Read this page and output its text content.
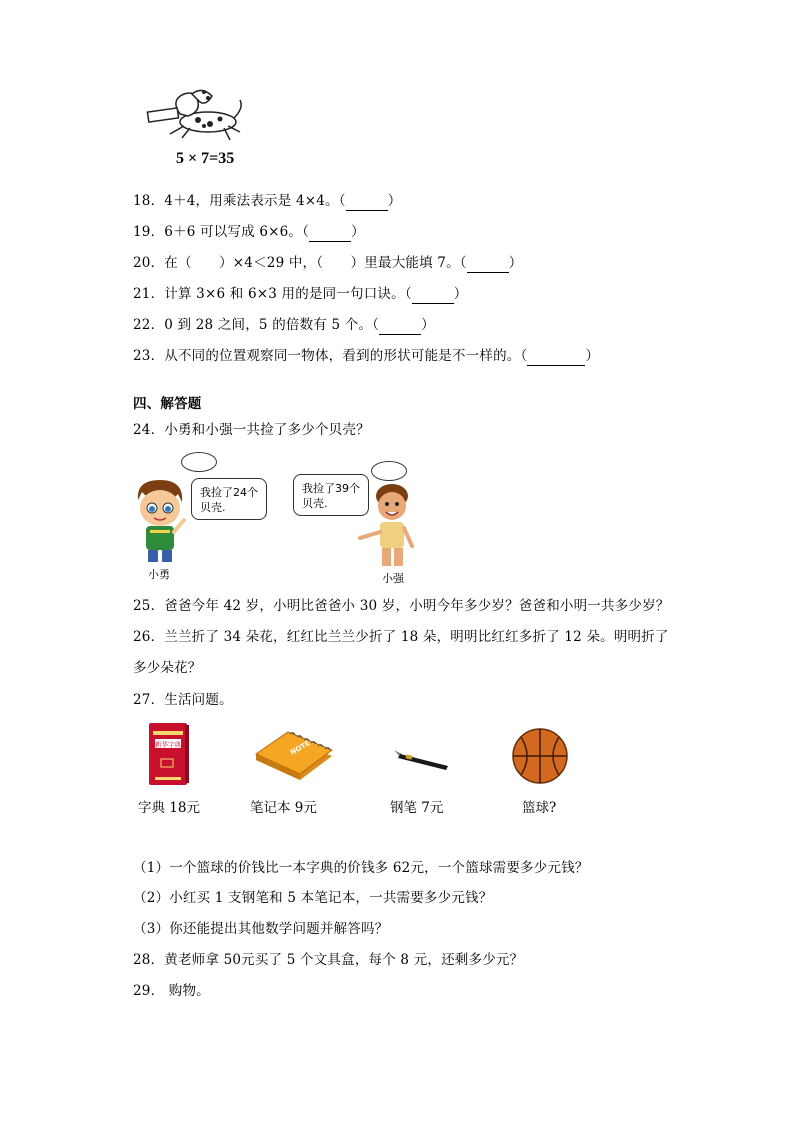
5 × 7=35
18．4＋4，用乘法表示是 4×4。（	）
19．6＋6 可以写成 6×6。（	）
20．在（　　）×4＜29 中，（　　）里最大能填 7。（	）
21．计算 3×6 和 6×3 用的是同一句口诀。（	）
22．0 到 28 之间，5 的倍数有 5 个。（	）
23．从不同的位置观察同一物体，看到的形状可能是不一样的。（	）
四、解答题
24．小勇和小强一共捡了多少个贝壳？
我捡了24个贝壳.
小勇
我捡了39个贝壳.
小强
25．爸爸今年 42 岁，小明比爸爸小 30 岁，小明今年多少岁？爸爸和小明一共多少岁？
26．兰兰折了 34 朵花，红红比兰兰少折了 18 朵，明明比红红多折了 12 朵。明明折了
多少朵花？
27．生活问题。
新华字典
字典 18元
NOTE
笔记本 9元	钢笔 7元	篮球?
（1）一个篮球的价钱比一本字典的价钱多 62元，一个篮球需要多少元钱？
（2）小红买 1 支钢笔和 5 本笔记本，一共需要多少元钱？
（3）你还能提出其他数学问题并解答吗？
28．黄老师拿 50元买了 5 个文具盒，每个 8 元，还剩多少元？
29． 购物。
